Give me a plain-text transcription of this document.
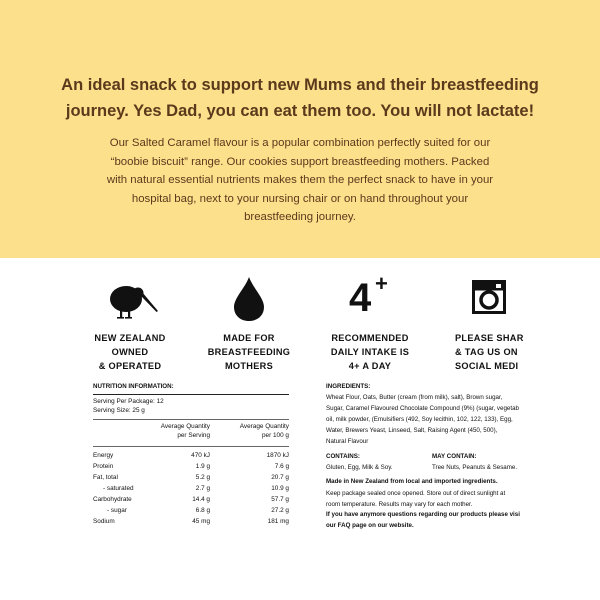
An ideal snack to support new Mums and their breastfeeding journey. Yes Dad, you can eat them too. You will not lactate!

Our Salted Caramel flavour is a popular combination perfectly suited for our “boobie biscuit” range. Our cookies support breastfeeding mothers. Packed with natural essential nutrients makes them the perfect snack to have in your hospital bag, next to your nursing chair or on hand throughout your breastfeeding journey.

4 +
NEW ZEALAND
OWNED
& OPERATED
MADE FOR
BREASTFEEDING
MOTHERS
RECOMMENDED
DAILY INTAKE IS
4+ A DAY
PLEASE SHAR
& TAG US ON
SOCIAL MEDI
NUTRITION INFORMATION:
Serving Per Package: 12
Serving Size: 25 g
Average Quantity
per Serving
Average Quantity
per 100 g
Energy	470 kJ	1870 kJ
Protein	1.9 g	7.6 g
Fat, total	5.2 g	20.7 g
- saturated	2.7 g	10.9 g
Carbohydrate	14.4 g	57.7 g
- sugar	6.8 g	27.2 g
Sodium	45 mg	181 mg
INGREDIENTS:
Wheat Flour, Oats, Butter (cream (from milk), salt), Brown sugar,
Sugar, Caramel Flavoured Chocolate Compound (9%) (sugar, vegetab
oil, milk powder, (Emulsifiers (492, Soy lecithin, 102, 122, 133), Egg,
Water, Brewers Yeast, Linseed, Salt, Raising Agent (450, 500),
Natural Flavour
CONTAINS:
Gluten, Egg, Milk & Soy.
MAY CONTAIN:
Tree Nuts, Peanuts & Sesame.
Made in New Zealand from local and imported ingredients.
Keep package sealed once opened. Store out of direct sunlight at
room temperature. Results may vary for each mother.
If you have anymore questions regarding our products please visi
our FAQ page on our website.
